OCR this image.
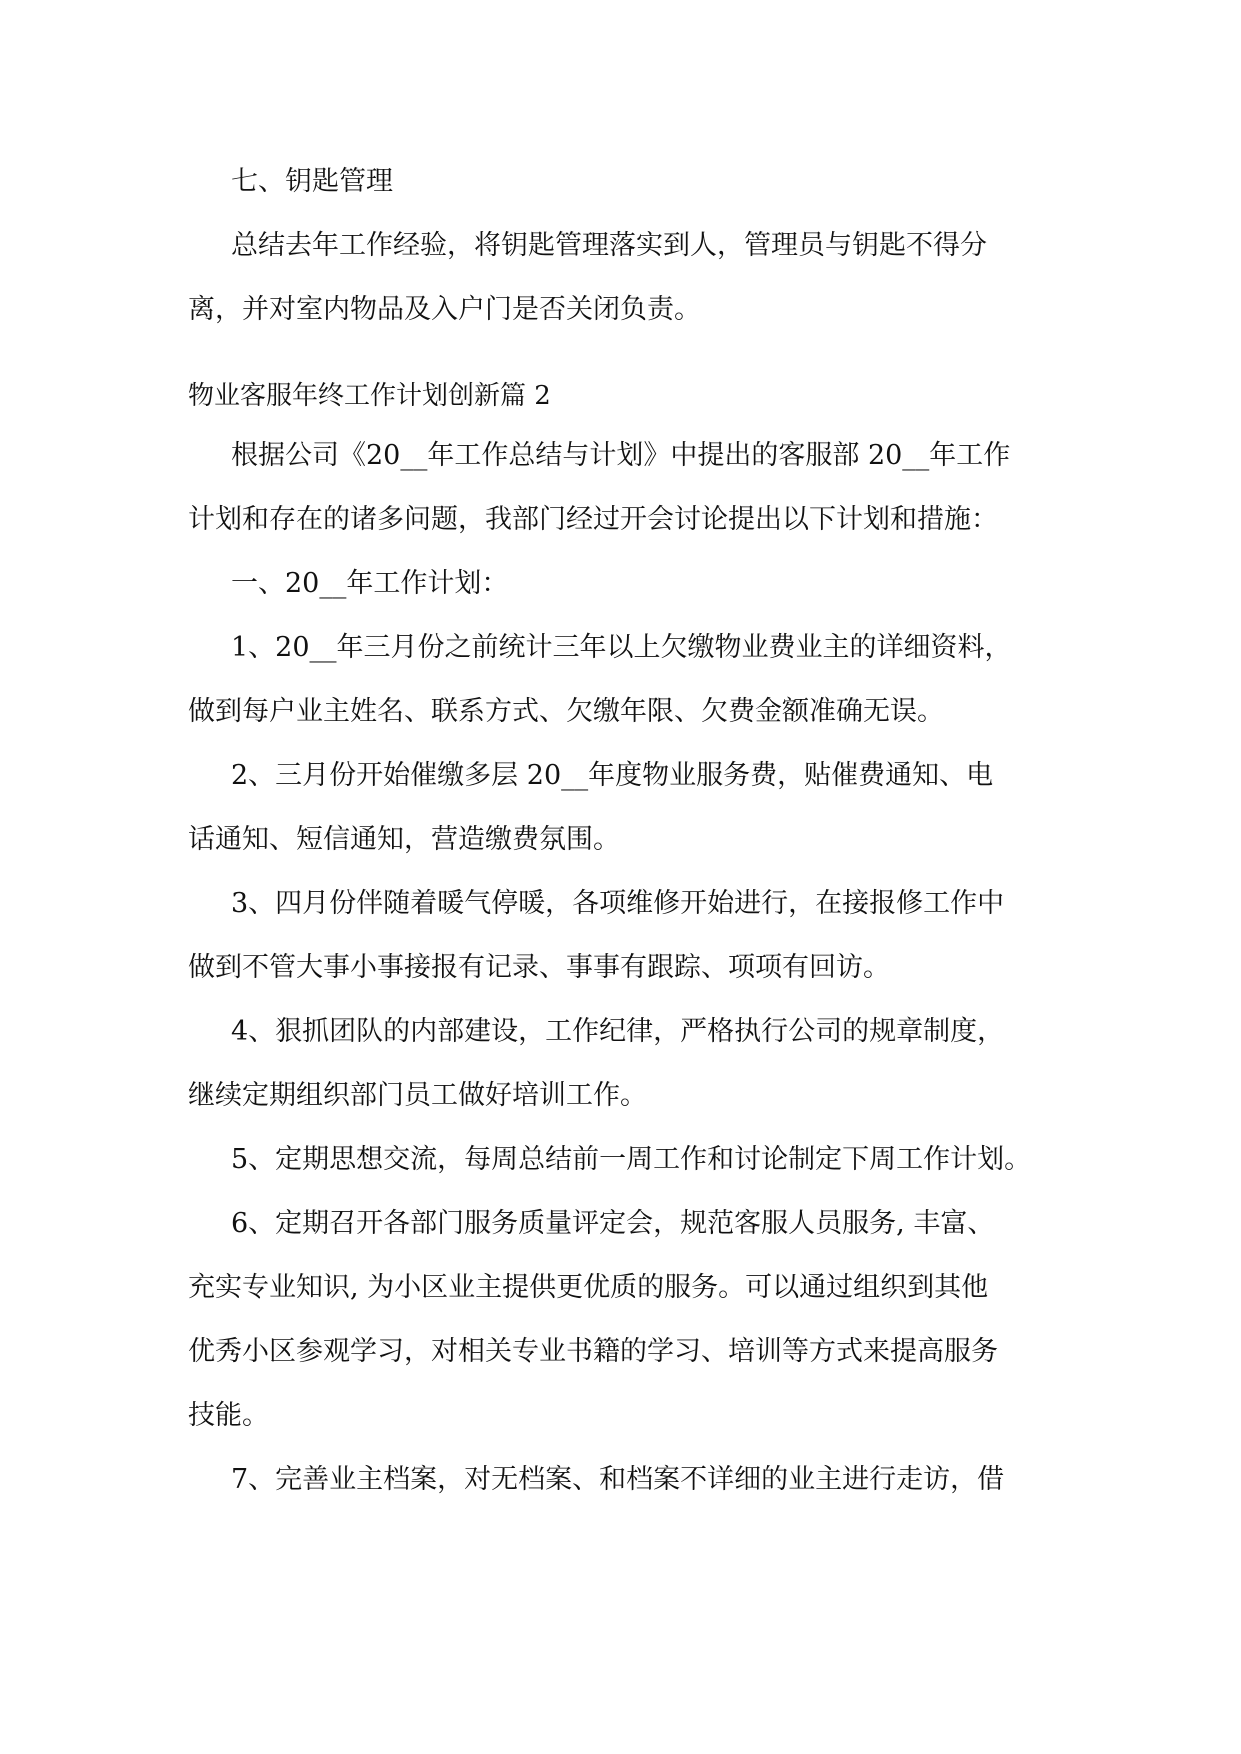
七、钥匙管理
总结去年工作经验，将钥匙管理落实到人，管理员与钥匙不得分
离，并对室内物品及入户门是否关闭负责。
物业客服年终工作计划创新篇 2
根据公司《20__年工作总结与计划》中提出的客服部 20__年工作
计划和存在的诸多问题，我部门经过开会讨论提出以下计划和措施：
一、20__年工作计划：
1、20__年三月份之前统计三年以上欠缴物业费业主的详细资料，
做到每户业主姓名、联系方式、欠缴年限、欠费金额准确无误。
2、三月份开始催缴多层 20__年度物业服务费，贴催费通知、电
话通知、短信通知，营造缴费氛围。
3、四月份伴随着暖气停暖，各项维修开始进行，在接报修工作中
做到不管大事小事接报有记录、事事有跟踪、项项有回访。
4、狠抓团队的内部建设，工作纪律，严格执行公司的规章制度，
继续定期组织部门员工做好培训工作。
5、定期思想交流，每周总结前一周工作和讨论制定下周工作计划。
6、定期召开各部门服务质量评定会，规范客服人员服务, 丰富、
充实专业知识, 为小区业主提供更优质的服务。可以通过组织到其他
优秀小区参观学习，对相关专业书籍的学习、培训等方式来提高服务
技能。
7、完善业主档案，对无档案、和档案不详细的业主进行走访，借
